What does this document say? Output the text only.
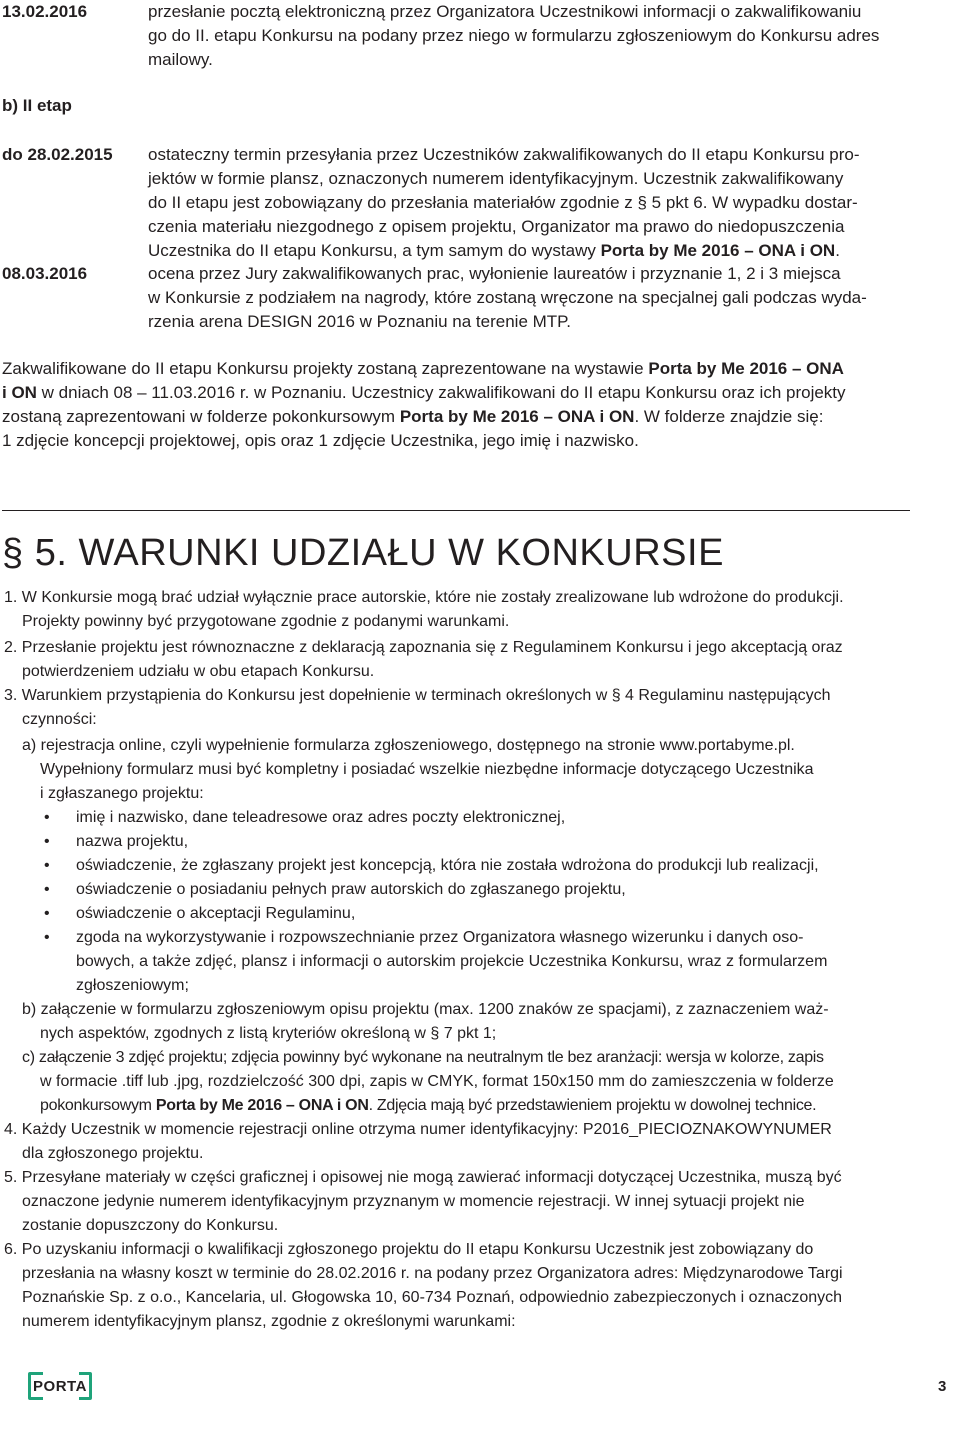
13.02.2016	przesłanie pocztą elektroniczną przez Organizatora Uczestnikowi informacji o zakwalifikowaniu
go do II. etapu Konkursu na podany przez niego w formularzu zgłoszeniowym do Konkursu adres
mailowy.
b) II etap
do 28.02.2015 ostateczny termin przesyłania przez Uczestników zakwalifikowanych do II etapu Konkursu pro-
jektów w formie plansz, oznaczonych numerem identyfikacyjnym. Uczestnik zakwalifikowany
do II etapu jest zobowiązany do przesłania materiałów zgodnie z § 5 pkt 6. W wypadku dostar-
czenia materiału niezgodnego z opisem projektu, Organizator ma prawo do niedopuszczenia
Uczestnika do II etapu Konkursu, a tym samym do wystawy Porta by Me 2016 – ONA i ON.
08.03.2016	ocena przez Jury zakwalifikowanych prac, wyłonienie laureatów i przyznanie 1, 2 i 3 miejsca
w Konkursie z podziałem na nagrody, które zostaną wręczone na specjalnej gali podczas wyda-
rzenia arena DESIGN 2016 w Poznaniu na terenie MTP.
Zakwalifikowane do II etapu Konkursu projekty zostaną zaprezentowane na wystawie Porta by Me 2016 – ONA
i ON w dniach 08 – 11.03.2016 r. w Poznaniu. Uczestnicy zakwalifikowani do II etapu Konkursu oraz ich projekty
zostaną zaprezentowani w folderze pokonkursowym Porta by Me 2016 – ONA i ON. W folderze znajdzie się:
1 zdjęcie koncepcji projektowej, opis oraz 1 zdjęcie Uczestnika, jego imię i nazwisko.
§ 5. WARUNKI UDZIAŁU W KONKURSIE
1. W Konkursie mogą brać udział wyłącznie prace autorskie, które nie zostały zrealizowane lub wdrożone do produkcji.
Projekty powinny być przygotowane zgodnie z podanymi warunkami.
2. Przesłanie projektu jest równoznaczne z deklaracją zapoznania się z Regulaminem Konkursu i jego akceptacją oraz
potwierdzeniem udziału w obu etapach Konkursu.
3. Warunkiem przystąpienia do Konkursu jest dopełnienie w terminach określonych w § 4 Regulaminu następujących
czynności:
a) rejestracja online, czyli wypełnienie formularza zgłoszeniowego, dostępnego na stronie www.portabyme.pl.
Wypełniony formularz musi być kompletny i posiadać wszelkie niezbędne informacje dotyczącego Uczestnika
i zgłaszanego projektu:
• imię i nazwisko, dane teleadresowe oraz adres poczty elektronicznej,
• nazwa projektu,
• oświadczenie, że zgłaszany projekt jest koncepcją, która nie została wdrożona do produkcji lub realizacji,
• oświadczenie o posiadaniu pełnych praw autorskich do zgłaszanego projektu,
• oświadczenie o akceptacji Regulaminu,
• zgoda na wykorzystywanie i rozpowszechnianie przez Organizatora własnego wizerunku i danych oso-
bowych, a także zdjęć, plansz i informacji o autorskim projekcie Uczestnika Konkursu, wraz z formularzem
zgłoszeniowym;
b) załączenie w formularzu zgłoszeniowym opisu projektu (max. 1200 znaków ze spacjami), z zaznaczeniem waż-
nych aspektów, zgodnych z listą kryteriów określoną w § 7 pkt 1;
c) załączenie 3 zdjęć projektu; zdjęcia powinny być wykonane na neutralnym tle bez aranżacji: wersja w kolorze, zapis
w formacie .tiff lub .jpg, rozdzielczość 300 dpi, zapis w CMYK, format 150x150 mm do zamieszczenia w folderze
pokonkursowym Porta by Me 2016 – ONA i ON. Zdjęcia mają być przedstawieniem projektu w dowolnej technice.
4. Każdy Uczestnik w momencie rejestracji online otrzyma numer identyfikacyjny: P2016_PIECIOZNAKOWYNUMER
dla zgłoszonego projektu.
5. Przesyłane materiały w części graficznej i opisowej nie mogą zawierać informacji dotyczącej Uczestnika, muszą być
oznaczone jedynie numerem identyfikacyjnym przyznanym w momencie rejestracji. W innej sytuacji projekt nie
zostanie dopuszczony do Konkursu.
6. Po uzyskaniu informacji o kwalifikacji zgłoszonego projektu do II etapu Konkursu Uczestnik jest zobowiązany do
przesłania na własny koszt w terminie do 28.02.2016 r. na podany przez Organizatora adres: Międzynarodowe Targi
Poznańskie Sp. z o.o., Kancelaria, ul. Głogowska 10, 60-734 Poznań, odpowiednio zabezpieczonych i oznaczonych
numerem identyfikacyjnym plansz, zgodnie z określonymi warunkami:
PORTA	3
